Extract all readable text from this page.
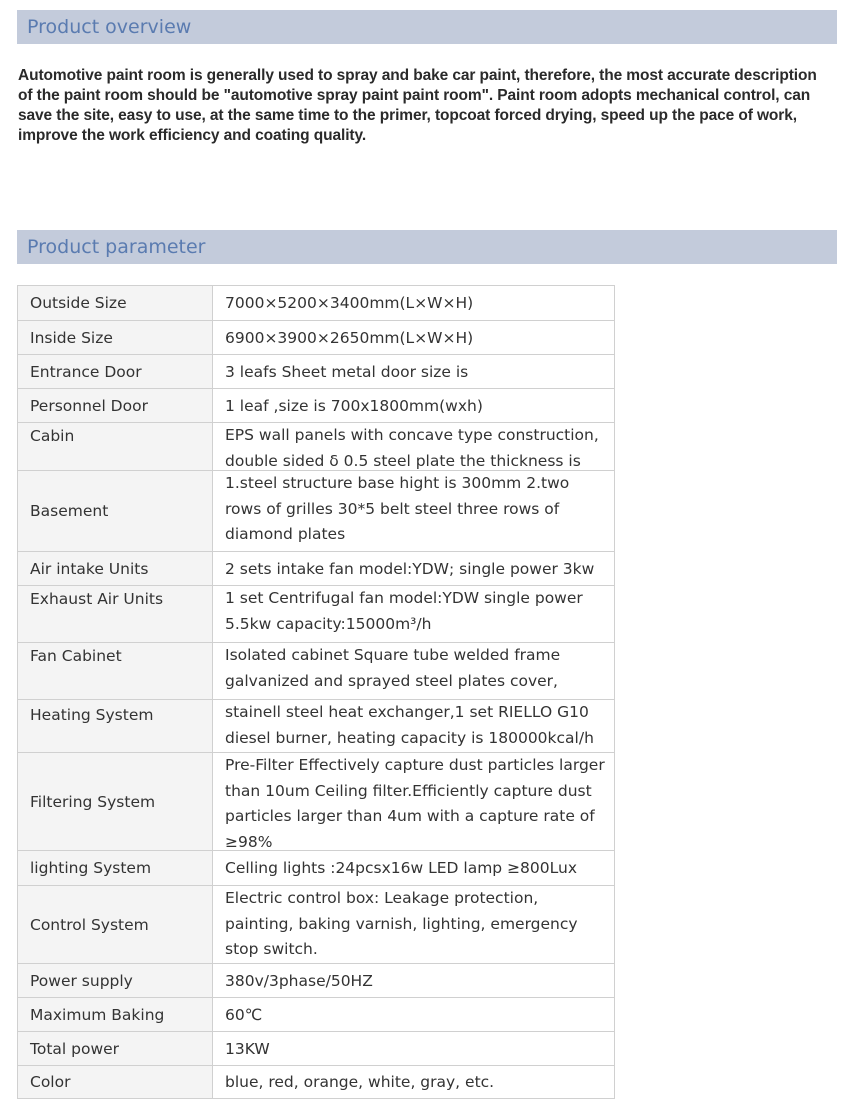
Product overview

Automotive paint room is generally used to spray and bake car paint, therefore, the most accurate description of the paint room should be "automotive spray paint paint room". Paint room adopts mechanical control, can save the site, easy to use, at the same time to the primer, topcoat forced drying, speed up the pace of work, improve the work efficiency and coating quality.

Product parameter
Outside Size	7000×5200×3400mm(L×W×H)
Inside Size	6900×3900×2650mm(L×W×H)
Entrance Door	3 leafs Sheet metal door size is
Personnel Door	1 leaf ,size is 700x1800mm(wxh)
Cabin	EPS wall panels with concave type construction, double sided δ 0.5 steel plate the thickness is

Basement	1.steel structure base hight is 300mm 2.two rows of grilles 30*5 belt steel three rows of diamond plates

Air intake Units	2 sets intake fan model:YDW; single power 3kw
Exhaust Air Units	1 set Centrifugal fan model:YDW single power 5.5kw capacity:15000m³/h

Fan Cabinet	Isolated cabinet Square tube welded frame galvanized and sprayed steel plates cover,

Heating System	stainell steel heat exchanger,1 set RIELLO G10 diesel burner, heating capacity is 180000kcal/h

Filtering System	Pre-Filter Effectively capture dust particles larger than 10um Ceiling filter.Efficiently capture dust particles larger than 4um with a capture rate of ≥98%

lighting System	Celling lights :24pcsx16w LED lamp ≥800Lux
Control System	Electric control box: Leakage protection, painting, baking varnish, lighting, emergency stop switch.

Power supply	380v/3phase/50HZ
Maximum Baking	60℃
Total power	13KW
Color	blue, red, orange, white, gray, etc.
